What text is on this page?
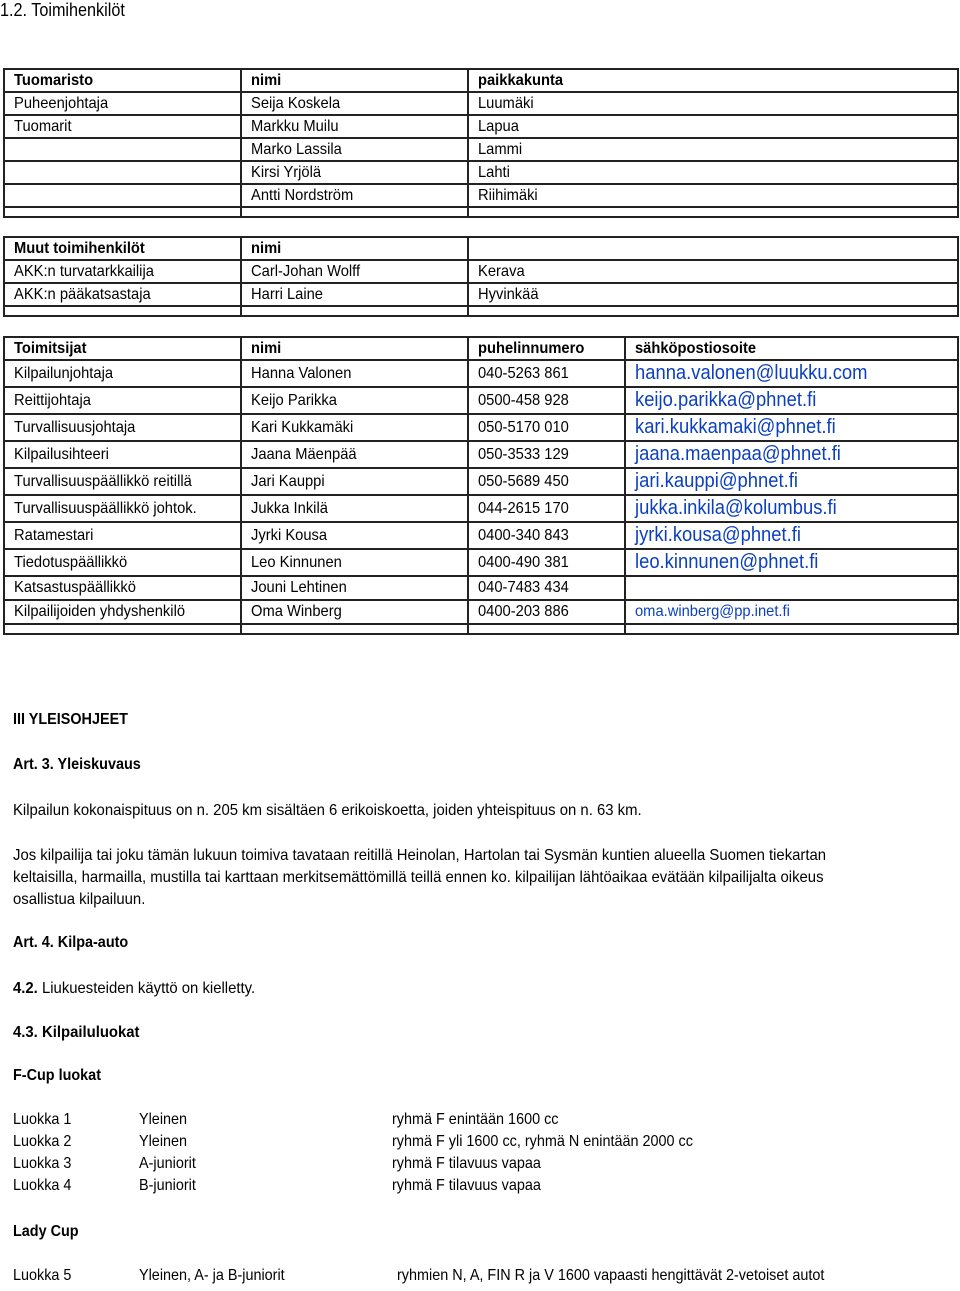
1.2. Toimihenkilöt
Tuomaristo	nimi	paikkakunta
Puheenjohtaja	Seija Koskela	Luumäki
Tuomarit	Markku Muilu	Lapua
	Marko Lassila	Lammi
	Kirsi Yrjölä	Lahti
	Antti Nordström	Riihimäki

Muut toimihenkilöt	nimi	
AKK:n turvatarkkailija	Carl-Johan Wolff	Kerava
AKK:n pääkatsastaja	Harri Laine	Hyvinkää

Toimitsijat	nimi	puhelinnumero	sähköpostiosoite
Kilpailunjohtaja	Hanna Valonen	040-5263 861	hanna.valonen@luukku.com
Reittijohtaja	Keijo Parikka	0500-458 928	keijo.parikka@phnet.fi
Turvallisuusjohtaja	Kari Kukkamäki	050-5170 010	kari.kukkamaki@phnet.fi
Kilpailusihteeri	Jaana Mäenpää	050-3533 129	jaana.maenpaa@phnet.fi
Turvallisuuspäällikkö reitillä	Jari Kauppi	050-5689 450	jari.kauppi@phnet.fi
Turvallisuuspäällikkö johtok.	Jukka Inkilä	044-2615 170	jukka.inkila@kolumbus.fi
Ratamestari	Jyrki Kousa	0400-340 843	jyrki.kousa@phnet.fi
Tiedotuspäällikkö	Leo Kinnunen	0400-490 381	leo.kinnunen@phnet.fi
Katsastuspäällikkö	Jouni Lehtinen	040-7483 434	
Kilpailijoiden yhdyshenkilö	Oma Winberg	0400-203 886	oma.winberg@pp.inet.fi

III YLEISOHJEET
Art. 3. Yleiskuvaus
Kilpailun kokonaispituus on n. 205 km sisältäen 6 erikoiskoetta, joiden yhteispituus on n. 63 km.
Jos kilpailija tai joku tämän lukuun toimiva tavataan reitillä Heinolan, Hartolan tai Sysmän kuntien alueella Suomen tiekartan
keltaisilla, harmailla, mustilla tai karttaan merkitsemättömillä teillä ennen ko. kilpailijan lähtöaikaa evätään kilpailijalta oikeus
osallistua kilpailuun.
Art. 4. Kilpa-auto
4.2. Liukuesteiden käyttö on kielletty.
4.3. Kilpailuluokat
F-Cup luokat
Luokka 1	Yleinen	ryhmä F enintään 1600 cc
Luokka 2	Yleinen	ryhmä F yli 1600 cc, ryhmä N enintään 2000 cc
Luokka 3	A-juniorit	ryhmä F tilavuus vapaa
Luokka 4	B-juniorit	ryhmä F tilavuus vapaa
Lady Cup
Luokka 5	Yleinen, A- ja B-juniorit	ryhmien N, A, FIN R ja V 1600 vapaasti hengittävät 2-vetoiset autot
